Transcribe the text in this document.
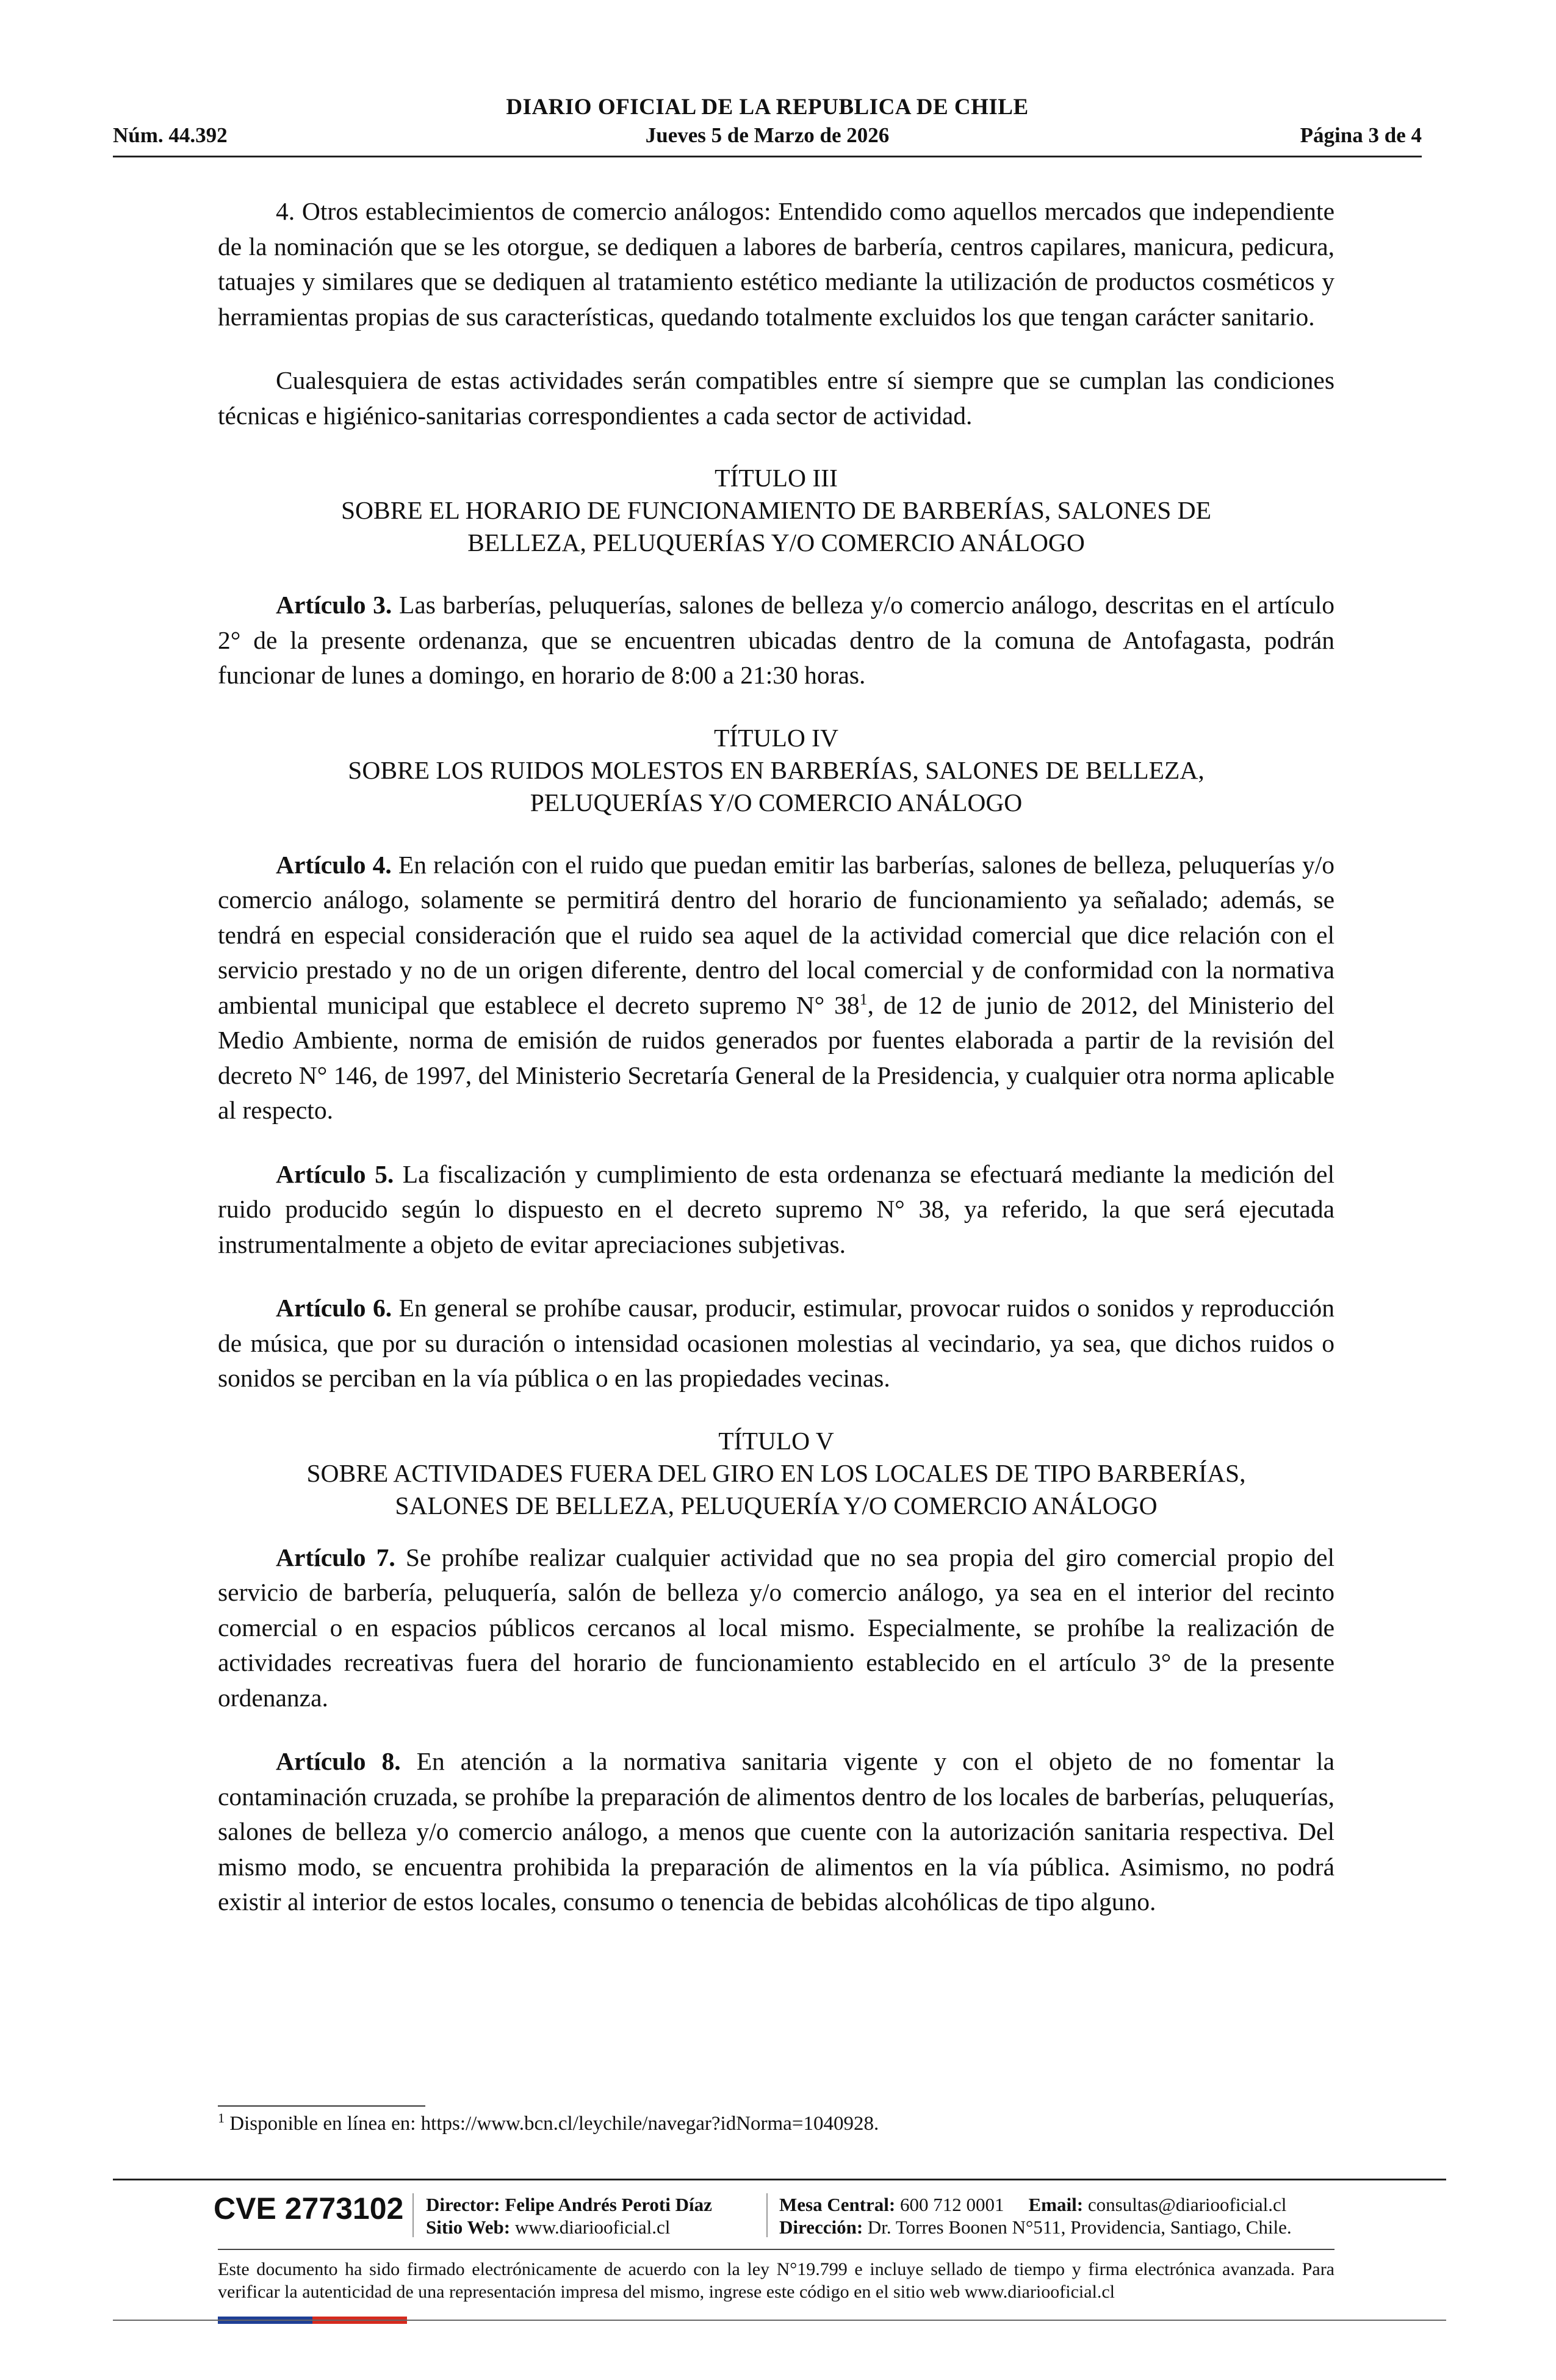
DIARIO OFICIAL DE LA REPUBLICA DE CHILE
Núm. 44.392	Jueves 5 de Marzo de 2026	Página 3 de 4

4. Otros establecimientos de comercio análogos: Entendido como aquellos mercados que independiente de la nominación que se les otorgue, se dediquen a labores de barbería, centros capilares, manicura, pedicura, tatuajes y similares que se dediquen al tratamiento estético mediante la utilización de productos cosméticos y herramientas propias de sus características, quedando totalmente excluidos los que tengan carácter sanitario.

Cualesquiera de estas actividades serán compatibles entre sí siempre que se cumplan las condiciones técnicas e higiénico-sanitarias correspondientes a cada sector de actividad.

TÍTULO III
SOBRE EL HORARIO DE FUNCIONAMIENTO DE BARBERÍAS, SALONES DE
BELLEZA, PELUQUERÍAS Y/O COMERCIO ANÁLOGO

Artículo 3. Las barberías, peluquerías, salones de belleza y/o comercio análogo, descritas en el artículo 2° de la presente ordenanza, que se encuentren ubicadas dentro de la comuna de Antofagasta, podrán funcionar de lunes a domingo, en horario de 8:00 a 21:30 horas.

TÍTULO IV
SOBRE LOS RUIDOS MOLESTOS EN BARBERÍAS, SALONES DE BELLEZA,
PELUQUERÍAS Y/O COMERCIO ANÁLOGO

Artículo 4. En relación con el ruido que puedan emitir las barberías, salones de belleza, peluquerías y/o comercio análogo, solamente se permitirá dentro del horario de funcionamiento ya señalado; además, se tendrá en especial consideración que el ruido sea aquel de la actividad comercial que dice relación con el servicio prestado y no de un origen diferente, dentro del local comercial y de conformidad con la normativa ambiental municipal que establece el decreto supremo N° $38^1$, de 12 de junio de 2012, del Ministerio del Medio Ambiente, norma de emisión de ruidos generados por fuentes elaborada a partir de la revisión del decreto N° 146, de 1997, del Ministerio Secretaría General de la Presidencia, y cualquier otra norma aplicable al respecto.

Artículo 5. La fiscalización y cumplimiento de esta ordenanza se efectuará mediante la medición del ruido producido según lo dispuesto en el decreto supremo N° 38, ya referido, la que será ejecutada instrumentalmente a objeto de evitar apreciaciones subjetivas.

Artículo 6. En general se prohíbe causar, producir, estimular, provocar ruidos o sonidos y reproducción de música, que por su duración o intensidad ocasionen molestias al vecindario, ya sea, que dichos ruidos o sonidos se perciban en la vía pública o en las propiedades vecinas.

TÍTULO V
SOBRE ACTIVIDADES FUERA DEL GIRO EN LOS LOCALES DE TIPO BARBERÍAS,
SALONES DE BELLEZA, PELUQUERÍA Y/O COMERCIO ANÁLOGO

Artículo 7. Se prohíbe realizar cualquier actividad que no sea propia del giro comercial propio del servicio de barbería, peluquería, salón de belleza y/o comercio análogo, ya sea en el interior del recinto comercial o en espacios públicos cercanos al local mismo. Especialmente, se prohíbe la realización de actividades recreativas fuera del horario de funcionamiento establecido en el artículo 3° de la presente ordenanza.

Artículo 8. En atención a la normativa sanitaria vigente y con el objeto de no fomentar la contaminación cruzada, se prohíbe la preparación de alimentos dentro de los locales de barberías, peluquerías, salones de belleza y/o comercio análogo, a menos que cuente con la autorización sanitaria respectiva. Del mismo modo, se encuentra prohibida la preparación de alimentos en la vía pública. Asimismo, no podrá existir al interior de estos locales, consumo o tenencia de bebidas alcohólicas de tipo alguno.

$^1$ Disponible en línea en: https://www.bcn.cl/leychile/navegar?idNorma=1040928.
CVE 2773102 Director: Felipe Andrés Peroti Díaz
Sitio Web: www.diariooficial.cl
Mesa Central: 600 712 0001 Email: consultas@diariooficial.cl
Dirección: Dr. Torres Boonen N°511, Providencia, Santiago, Chile.
Este documento ha sido firmado electrónicamente de acuerdo con la ley N°19.799 e incluye sellado de tiempo y firma electrónica avanzada. Para verificar la autenticidad de una representación impresa del mismo, ingrese este código en el sitio web www.diariooficial.cl
